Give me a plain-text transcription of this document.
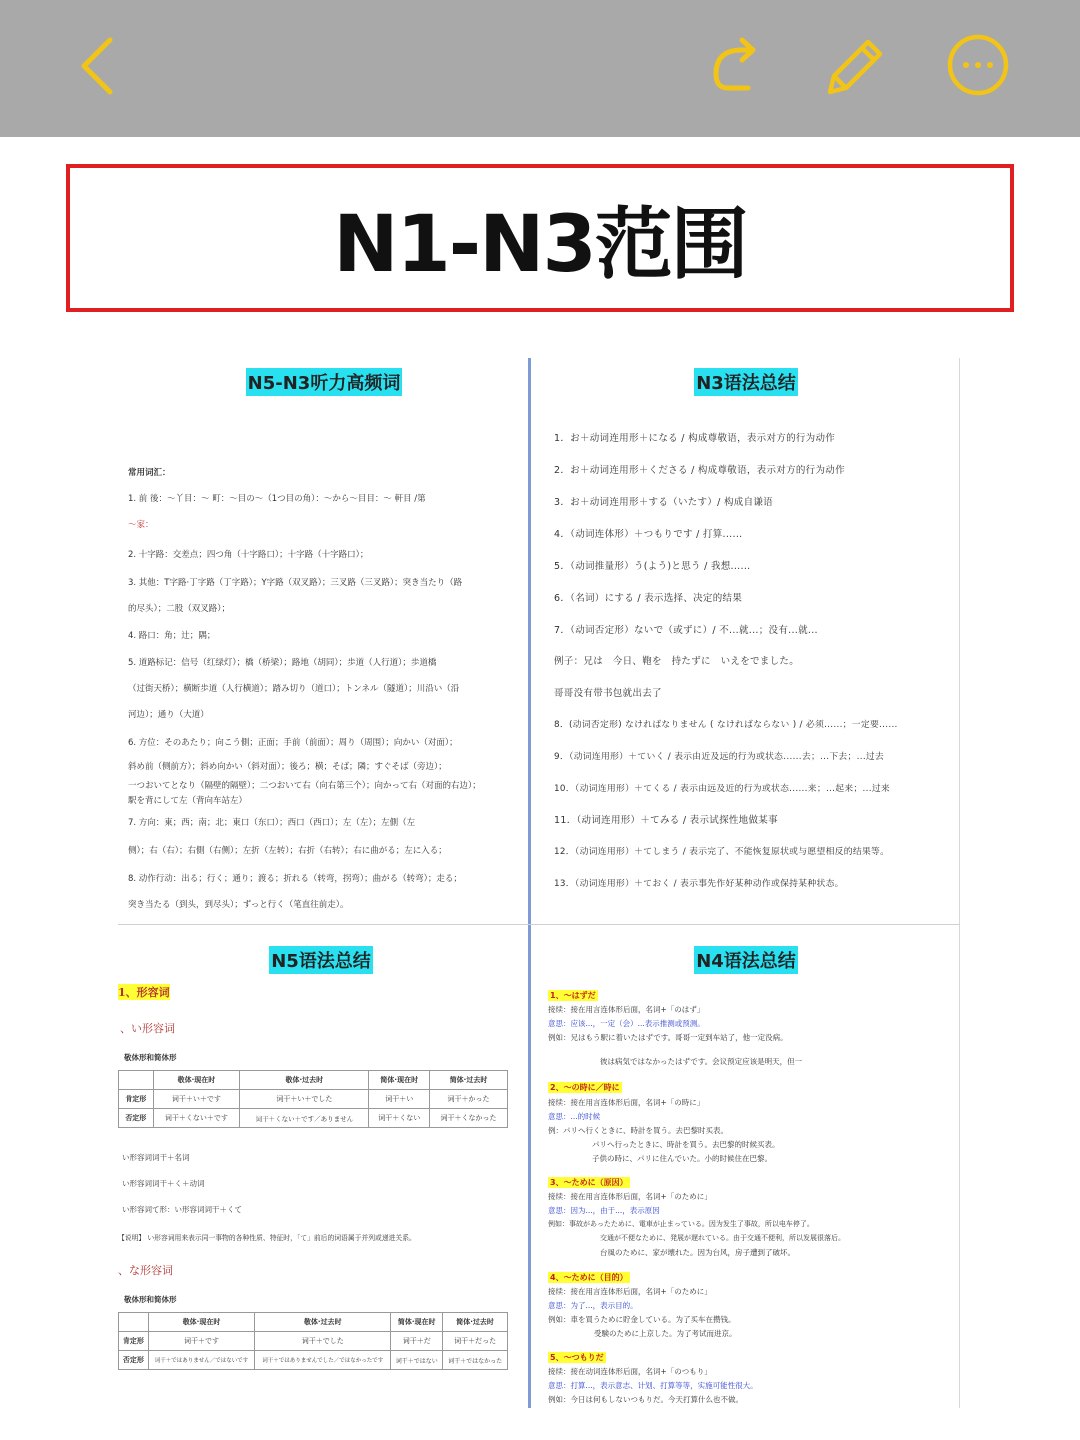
N1-N3范围
N5-N3听力高频词
常用词汇：
1. 前 後：～丫目：～ 町：～目の～（1つ目の角）：～から～目目：～ 軒目 /第
～家：
2. 十字路：交差点；四つ角（十字路口）；十字路（十字路口）；
3. 其他：T字路·丁字路（丁字路）；Y字路（双叉路）；三叉路（三叉路）；突き当たり（路
的尽头）；二股（双叉路）；
4. 路口：角；辻；隅；
5. 道路标记：信号（红绿灯）；橋（桥梁）；路地（胡同）；歩道（人行道）；歩道橋
（过街天桥）；横断歩道（人行横道）；踏み切り（道口）；トンネル（隧道）；川沿い（沿
河边）；通り（大道）
6. 方位：そのあたり；向こう側；正面；手前（前面）；周り（周围）；向かい（对面）；
斜め前（侧前方）；斜め向かい（斜对面）；後ろ；横；そば；隣；すぐそば（旁边）；
一つおいてとなり（隔壁的隔壁）；二つおいて右（向右第三个）；向かって右（对面的右边）；
駅を背にして左（背向车站左）
7. 方向：東；西；南；北；東口（东口）；西口（西口）；左（左）；左側（左
侧）；右（右）；右側（右侧）；左折（左转）；右折（右转）；右に曲がる；左に入る；
8. 动作行动：出る；行く；通り；渡る；折れる（转弯，拐弯）；曲がる（转弯）；走る；
突き当たる（到头，到尽头）；ずっと行く（笔直往前走）。
N3语法总结
1．お＋动词连用形＋になる / 构成尊敬语，表示对方的行为动作
2．お＋动词连用形＋くださる / 构成尊敬语，表示对方的行为动作
3．お＋动词连用形＋する（いたす）/ 构成自谦语
4．（动词连体形）＋つもりです / 打算......
5．（动词推量形）う(よう)と思う / 我想......
6．（名词）にする / 表示选择、决定的结果
7．（动词否定形）ないで（或ずに）/ 不...就...；没有...就...
例子：兄は　今日、鞄を　持たずに　いえをでました。
哥哥没有带书包就出去了
8．(动词否定形) なければなりません ( なければならない ) / 必须......；一定要......
9．（动词连用形）＋ていく / 表示由近及远的行为或状态......去；...下去；...过去
10．（动词连用形）＋てくる / 表示由远及近的行为或状态......来；...起来；...过来
11．（动词连用形）＋てみる / 表示试探性地做某事
12．（动词连用形）＋てしまう / 表示完了、不能恢复原状或与愿望相反的结果等。
13．（动词连用形）＋ておく / 表示事先作好某种动作或保持某种状态。
N5语法总结
1、形容词
、い形容词
敬体形和简体形
	敬体·现在时	敬体·过去时	简体·现在时	简体·过去时
肯定形	词干＋い＋です	词干＋い＋でした	词干＋い	词干＋かった
否定形	词干＋くない＋です	词干＋くない＋です／ありません	词干＋くない	词干＋くなかった
い形容词词干＋名词
い形容词词干＋く＋动词
い形容词て形：い形容词词干＋くて
【说明】 い形容词用来表示同一事物的各种性质、特征时，「て」前后的词语属于并列或递进关系。
、な形容词
敬体形和简体形
	敬体·现在时	敬体·过去时	简体·现在时	简体·过去时
肯定形	词干＋です	词干＋でした	词干＋だ	词干＋だった
否定形	词干＋ではありません／ではないです	词干＋ではありませんでした／ではなかったです	词干＋ではない	词干＋ではなかった
N4语法总结
1、～はずだ
接续：接在用言连体形后面，名词+「のはず」
意思：应该...，一定（会）...表示推测或预测。
例如：兄はもう駅に着いたはずです。哥哥一定到车站了，他一定没病。
彼は病気ではなかったはずです。会议预定应该是明天，但一
2、～の時に／時に
接续：接在用言连体形后面，名词+「の時に」
意思：...的时候
例：パリへ行くときに、時計を買う。去巴黎时买表。
パリへ行ったときに、時計を買う。去巴黎的时候买表。
子供の時に、パリに住んでいた。小的时候住在巴黎。
3、～ために（原因）
接续：接在用言连体形后面，名词+「のために」
意思：因为...，由于...，表示原因
例如：事故があったために、電車が止まっている。因为发生了事故，所以电车停了。
交通が不便なために、発展が遅れている。由于交通不便利，所以发展很落后。
台風のために、家が壊れた。因为台风，房子遭到了破坏。
4、～ために（目的）
接续：接在用言连体形后面，名词+「のために」
意思：为了...，表示目的。
例如：車を買うために貯金している。为了买车在攒钱。
受験のために上京した。为了考试而进京。
5、～つもりだ
接续：接在动词连体形后面，名词+「のつもり」
意思：打算...，表示意志、计划、打算等等，实施可能性很大。
例如：今日は何もしないつもりだ。今天打算什么也不做。
